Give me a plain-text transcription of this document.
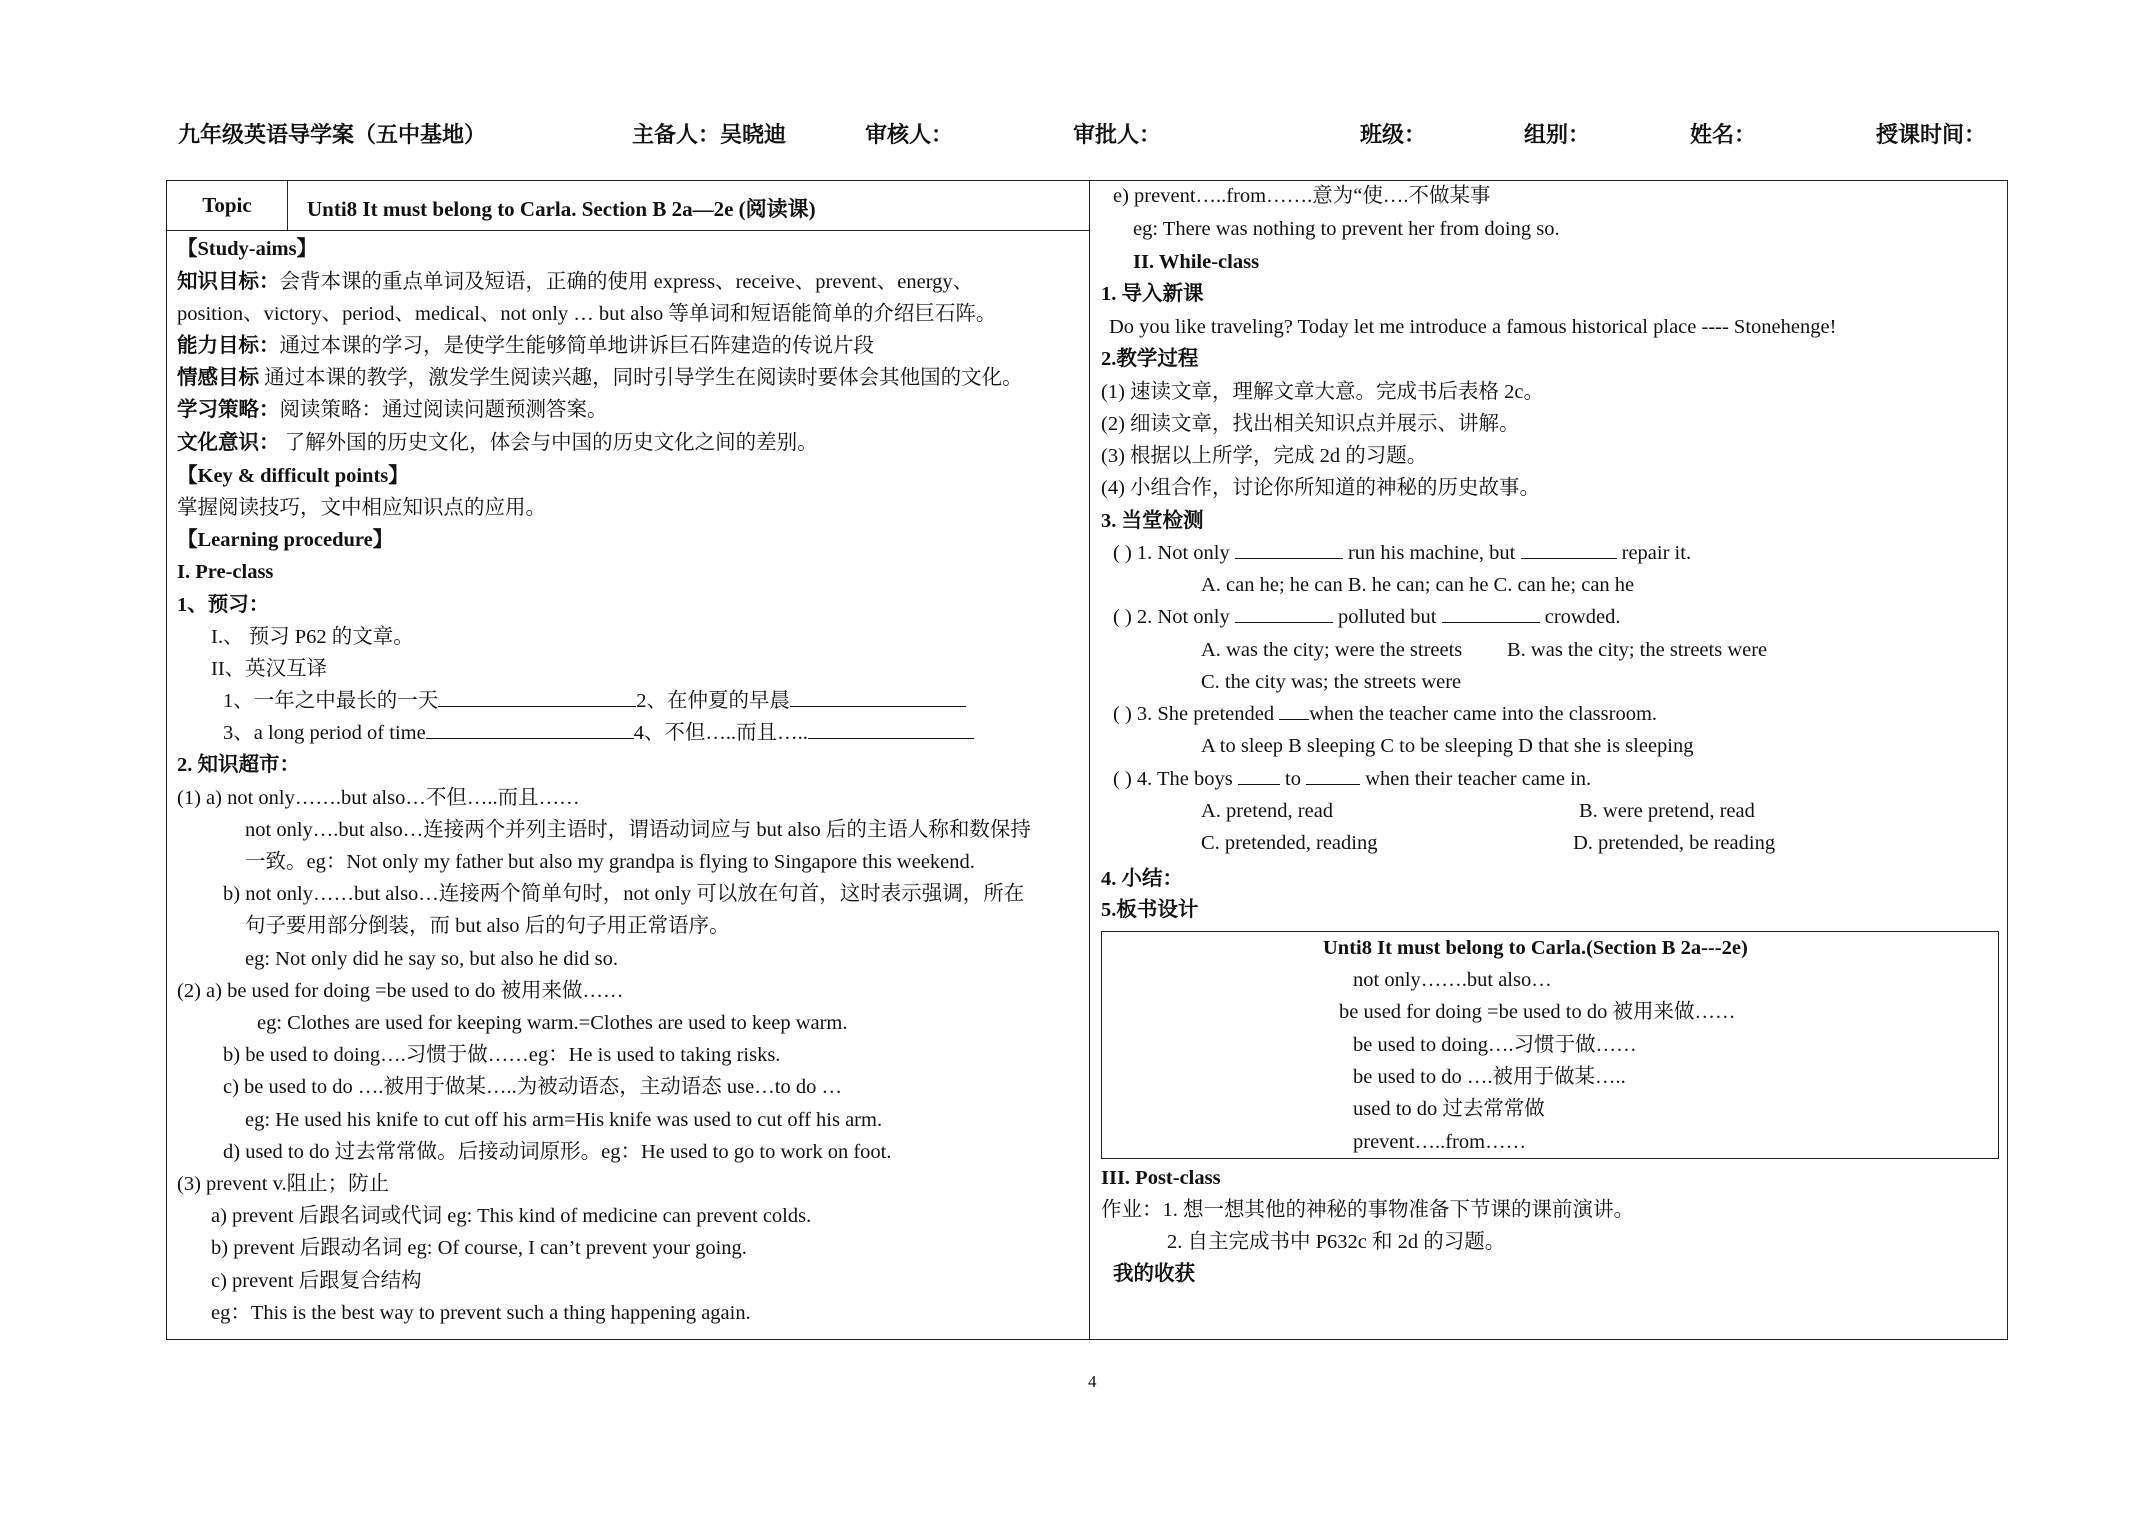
九年级英语导学案（五中基地）	主备人：吴晓迪	审核人：	审批人：	班级：	组别：	姓名：	授课时间：
Topic	Unti8 It must belong to Carla. Section B 2a—2e (阅读课)
【Study-aims】
知识目标：会背本课的重点单词及短语，正确的使用 express、receive、prevent、energy、
position、victory、period、medical、not only … but also 等单词和短语能简单的介绍巨石阵。
能力目标：通过本课的学习，是使学生能够简单地讲诉巨石阵建造的传说片段
情感目标 通过本课的教学，激发学生阅读兴趣，同时引导学生在阅读时要体会其他国的文化。
学习策略：阅读策略：通过阅读问题预测答案。
文化意识： 了解外国的历史文化，体会与中国的历史文化之间的差别。
【Key & difficult points】
掌握阅读技巧，文中相应知识点的应用。
【Learning procedure】
I. Pre-class
1、预习：
I.、 预习 P62 的文章。
II、英汉互译
1、一年之中最长的一天	2、在仲夏的早晨
3、a long period of time	4、不但…..而且…..
2. 知识超市：
(1) a) not only…….but also…不但…..而且……
not only….but also…连接两个并列主语时，谓语动词应与 but also 后的主语人称和数保持
一致。eg：Not only my father but also my grandpa is flying to Singapore this weekend.
b) not only……but also…连接两个简单句时，not only 可以放在句首，这时表示强调，所在
句子要用部分倒装，而 but also 后的句子用正常语序。
eg: Not only did he say so, but also he did so.
(2) a) be used for doing =be used to do 被用来做……
eg: Clothes are used for keeping warm.=Clothes are used to keep warm.
b) be used to doing….习惯于做……eg：He is used to taking risks.
c) be used to do ….被用于做某…..为被动语态，主动语态 use…to do …
eg: He used his knife to cut off his arm=His knife was used to cut off his arm.
d) used to do 过去常常做。后接动词原形。eg：He used to go to work on foot.
(3) prevent v.阻止；防止
a) prevent 后跟名词或代词 eg: This kind of medicine can prevent colds.
b) prevent 后跟动名词 eg: Of course, I can’t prevent your going.
c) prevent 后跟复合结构
eg：This is the best way to prevent such a thing happening again.
e) prevent…..from…….意为“使….不做某事
eg: There was nothing to prevent her from doing so.
II. While-class
1. 导入新课
Do you like traveling? Today let me introduce a famous historical place ---- Stonehenge!
2.教学过程
(1) 速读文章，理解文章大意。完成书后表格 2c。
(2) 细读文章，找出相关知识点并展示、讲解。
(3) 根据以上所学，完成 2d 的习题。
(4) 小组合作，讨论你所知道的神秘的历史故事。
3. 当堂检测
( ) 1. Not only	run his machine, but	repair it.
A. can he; he can B. he can; can he C. can he; can he
( ) 2. Not only	polluted but	crowded.
A. was the city; were the streets B. was the city; the streets were
C. the city was; the streets were
( ) 3. She pretended when the teacher came into the classroom.
A to sleep B sleeping C to be sleeping D that she is sleeping
( ) 4. The boys	to	when their teacher came in.
A. pretend, read	B. were pretend, read
C. pretended, reading	D. pretended, be reading
4. 小结：
5.板书设计
Unti8 It must belong to Carla.(Section B 2a---2e)
not only…….but also…
be used for doing =be used to do 被用来做……
be used to doing….习惯于做……
be used to do ….被用于做某…..
used to do 过去常常做
prevent…..from……
III. Post-class
作业：1. 想一想其他的神秘的事物准备下节课的课前演讲。
2. 自主完成书中 P632c 和 2d 的习题。
我的收获
4
